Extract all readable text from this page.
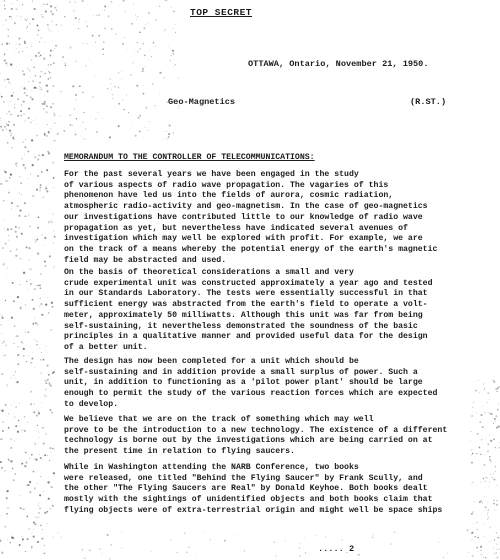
TOP SECRET
OTTAWA, Ontario, November 21, 1950.
Geo-Magnetics	(R.ST.)
MEMORANDUM TO THE CONTROLLER OF TELECOMMUNICATIONS:
For the past several years we have been engaged in the study
of various aspects of radio wave propagation. The vagaries of this
phenomenon have led us into the fields of aurora, cosmic radiation,
atmospheric radio-activity and geo-magnetism. In the case of geo-magnetics
our investigations have contributed little to our knowledge of radio wave
propagation as yet, but nevertheless have indicated several avenues of
investigation which may well be explored with profit. For example, we are
on the track of a means whereby the potential energy of the earth's magnetic
field may be abstracted and used.
On the basis of theoretical considerations a small and very
crude experimental unit was constructed approximately a year ago and tested
in our Standards Laboratory. The tests were essentially successful in that
sufficient energy was abstracted from the earth's field to operate a volt-
meter, approximately 50 milliwatts. Although this unit was far from being
self-sustaining, it nevertheless demonstrated the soundness of the basic
principles in a qualitative manner and provided useful data for the design
of a better unit.
The design has now been completed for a unit which should be
self-sustaining and in addition provide a small surplus of power. Such a
unit, in addition to functioning as a 'pilot power plant' should be large
enough to permit the study of the various reaction forces which are expected
to develop.
We believe that we are on the track of something which may well
prove to be the introduction to a new technology. The existence of a different
technology is borne out by the investigations which are being carried on at
the present time in relation to flying saucers.
While in Washington attending the NARB Conference, two books
were released, one titled "Behind the Flying Saucer" by Frank Scully, and
the other "The Flying Saucers are Real" by Donald Keyhoe. Both books dealt
mostly with the sightings of unidentified objects and both books claim that
flying objects were of extra-terrestrial origin and might well be space ships
..... 2
